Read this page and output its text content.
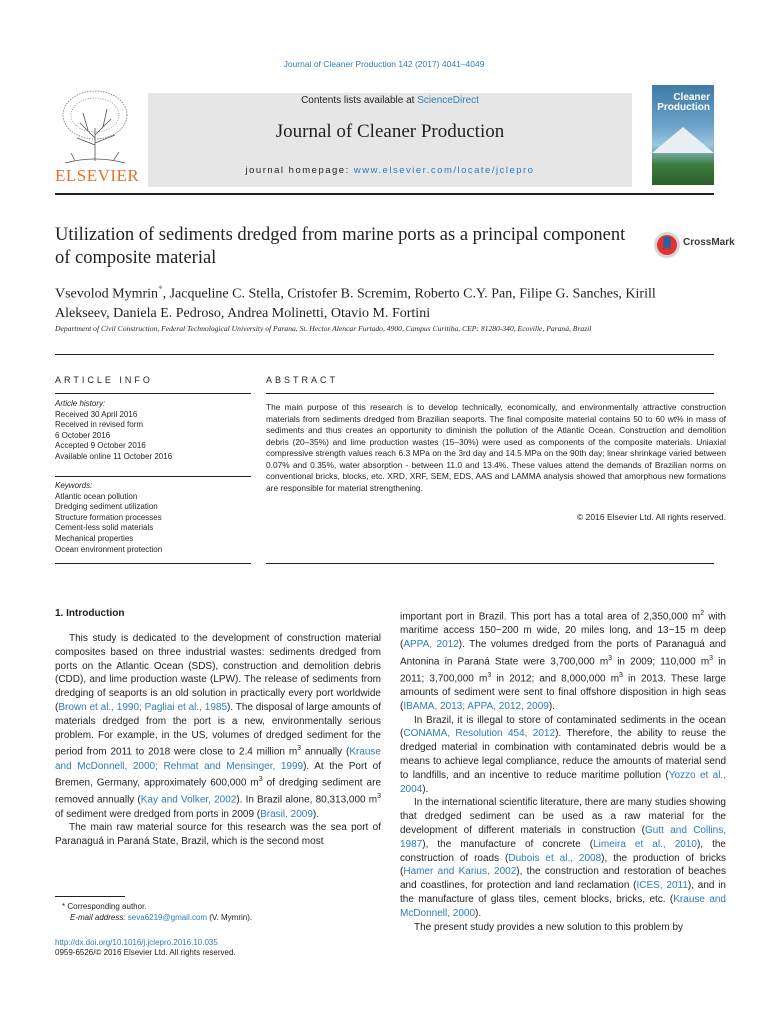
Journal of Cleaner Production 142 (2017) 4041–4049
ELSEVIER
Contents lists available at ScienceDirect
Journal of Cleaner Production
journal homepage: www.elsevier.com/locate/jclepro
Cleaner
Production
Utilization of sediments dredged from marine ports as a principal component of composite material
CrossMark
Vsevolod Mymrin*, Jacqueline C. Stella, Cristofer B. Scremim, Roberto C.Y. Pan, Filipe G. Sanches, Kirill Alekseev, Daniela E. Pedroso, Andrea Molinetti, Otavio M. Fortini
Department of Civil Construction, Federal Technological University of Parana, St. Hector Alencar Furtado, 4900, Campus Curitiba, CEP: 81280-340, Ecoville, Paraná, Brazil
ARTICLE INFO	ABSTRACT
Article history:
Received 30 April 2016
Received in revised form
6 October 2016
Accepted 9 October 2016
Available online 11 October 2016
Keywords:
Atlantic ocean pollution
Dredging sediment utilization
Structure formation processes
Cement-less solid materials
Mechanical properties
Ocean environment protection
The main purpose of this research is to develop technically, economically, and environmentally attractive construction materials from sediments dredged from Brazilian seaports. The final composite material contains 50 to 60 wt% in mass of sediments and thus creates an opportunity to diminish the pollution of the Atlantic Ocean. Construction and demolition debris (20–35%) and lime production wastes (15–30%) were used as components of the composite materials. Uniaxial compressive strength values reach 6.3 MPa on the 3rd day and 14.5 MPa on the 90th day; linear shrinkage varied between 0.07% and 0.35%, water absorption - between 11.0 and 13.4%. These values attend the demands of Brazilian norms on conventional bricks, blocks, etc. XRD, XRF, SEM, EDS, AAS and LAMMA analysis showed that amorphous new formations are responsible for material strengthening.
© 2016 Elsevier Ltd. All rights reserved.
1. Introduction

This study is dedicated to the development of construction material composites based on three industrial wastes: sediments dredged from ports on the Atlantic Ocean (SDS), construction and demolition debris (CDD), and lime production waste (LPW). The release of sediments from dredging of seaports is an old solution in practically every port worldwide (Brown et al., 1990; Pagliai et al., 1985). The disposal of large amounts of materials dredged from the port is a new, environmentally serious problem. For example, in the US, volumes of dredged sediment for the period from 2011 to 2018 were close to 2.4 million $m^3$ annually (Krause and McDonnell, 2000; Rehmat and Mensinger, 1999). At the Port of Bremen, Germany, approximately 600,000 $m^3$ of dredging sediment are removed annually (Kay and Volker, 2002). In Brazil alone, 80,313,000 $m^3$ of sediment were dredged from ports in 2009 (Brasil, 2009).

The main raw material source for this research was the sea port of Paranaguá in Paraná State, Brazil, which is the second most

important port in Brazil. This port has a total area of 2,350,000 $m^2$ with maritime access 150−200 m wide, 20 miles long, and 13−15 m deep (APPA, 2012). The volumes dredged from the ports of Paranaguá and Antonina in Paraná State were 3,700,000 $m^3$ in 2009; 110,000 $m^3$ in 2011; 3,700,000 $m^3$ in 2012; and 8,000,000 $m^3$ in 2013. These large amounts of sediment were sent to final offshore disposition in high seas (IBAMA, 2013; APPA, 2012, 2009).

In Brazil, it is illegal to store of contaminated sediments in the ocean (CONAMA, Resolution 454, 2012). Therefore, the ability to reuse the dredged material in combination with contaminated debris would be a means to achieve legal compliance, reduce the amounts of material send to landfills, and an incentive to reduce maritime pollution (Yozzo et al., 2004).

In the international scientific literature, there are many studies showing that dredged sediment can be used as a raw material for the development of different materials in construction (Gutt and Collins, 1987), the manufacture of concrete (Limeira et al., 2010), the construction of roads (Dubois et al., 2008), the production of bricks (Hamer and Karius, 2002), the construction and restoration of beaches and coastlines, for protection and land reclamation (ICES, 2011), and in the manufacture of glass tiles, cement blocks, bricks, etc. (Krause and McDonnell, 2000).

The present study provides a new solution to this problem by

* Corresponding author.
E-mail address: seva6219@gmail.com (V. Mymrin).
http://dx.doi.org/10.1016/j.jclepro.2016.10.035
0959-6526/© 2016 Elsevier Ltd. All rights reserved.
